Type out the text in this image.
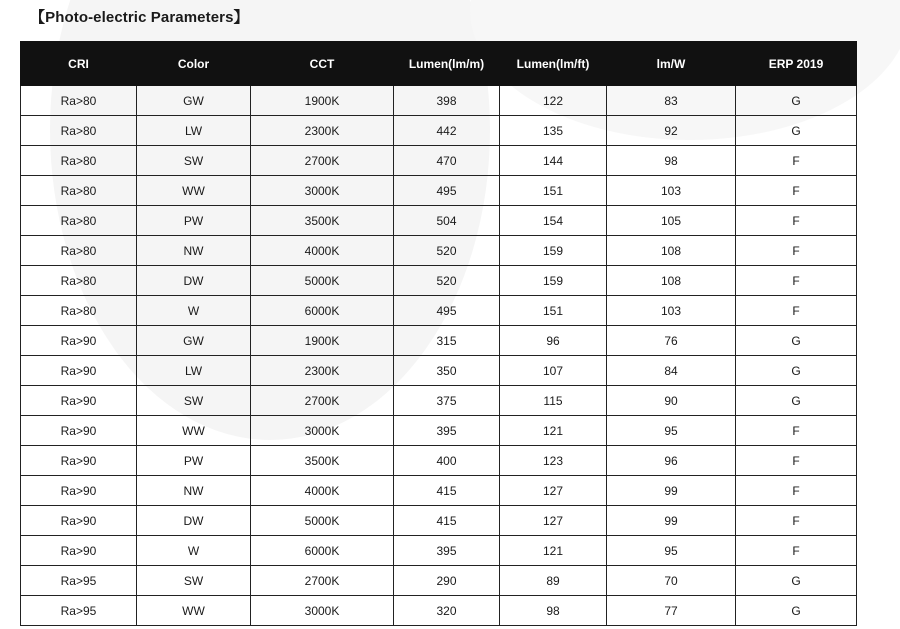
【Photo-electric Parameters】
CRI	Color	CCT	Lumen(lm/m)	Lumen(lm/ft)	lm/W	ERP 2019
Ra>80	GW	1900K	398	122	83	G
Ra>80	LW	2300K	442	135	92	G
Ra>80	SW	2700K	470	144	98	F
Ra>80	WW	3000K	495	151	103	F
Ra>80	PW	3500K	504	154	105	F
Ra>80	NW	4000K	520	159	108	F
Ra>80	DW	5000K	520	159	108	F
Ra>80	W	6000K	495	151	103	F
Ra>90	GW	1900K	315	96	76	G
Ra>90	LW	2300K	350	107	84	G
Ra>90	SW	2700K	375	115	90	G
Ra>90	WW	3000K	395	121	95	F
Ra>90	PW	3500K	400	123	96	F
Ra>90	NW	4000K	415	127	99	F
Ra>90	DW	5000K	415	127	99	F
Ra>90	W	6000K	395	121	95	F
Ra>95	SW	2700K	290	89	70	G
Ra>95	WW	3000K	320	98	77	G
